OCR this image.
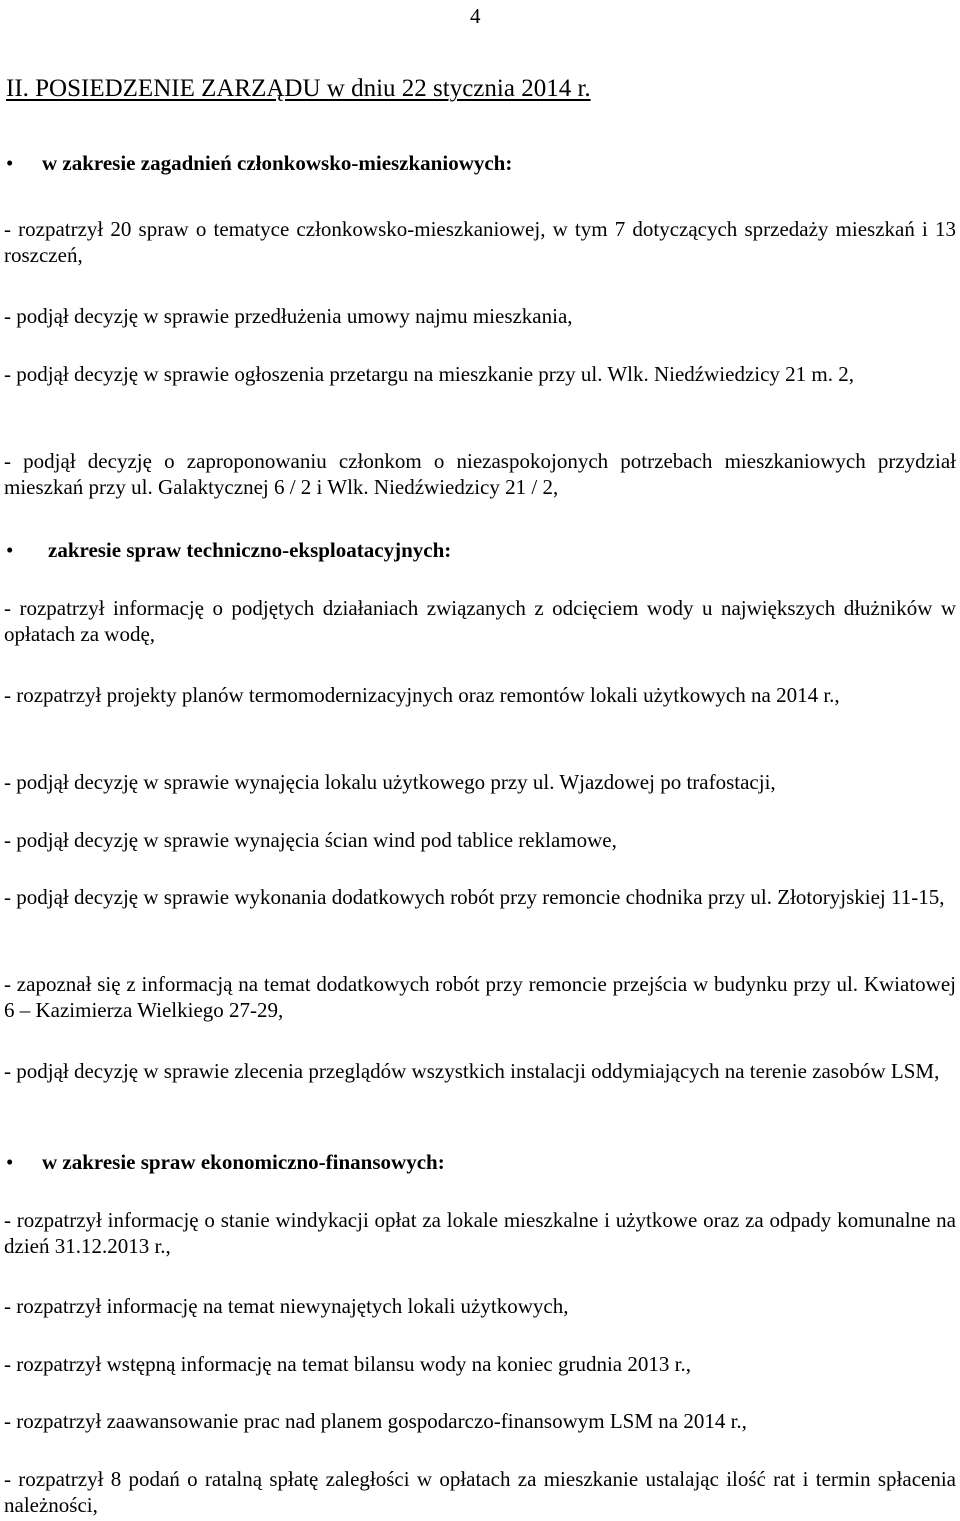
4
II. POSIEDZENIE ZARZĄDU w dniu 22 stycznia 2014 r.
• w zakresie zagadnień członkowsko-mieszkaniowych:
- rozpatrzył 20 spraw o tematyce członkowsko-mieszkaniowej, w tym 7 dotyczących sprzedaży mieszkań i 13 roszczeń,
- podjął decyzję w sprawie przedłużenia umowy najmu mieszkania,
- podjął decyzję w sprawie ogłoszenia przetargu na mieszkanie przy ul. Wlk. Niedźwiedzicy 21 m. 2,
- podjął decyzję o zaproponowaniu członkom o niezaspokojonych potrzebach mieszkaniowych przydział mieszkań przy ul. Galaktycznej 6 / 2 i Wlk. Niedźwiedzicy 21 / 2,
• zakresie spraw techniczno-eksploatacyjnych:
- rozpatrzył informację o podjętych działaniach związanych z odcięciem wody u największych dłużników w opłatach za wodę,
- rozpatrzył projekty planów termomodernizacyjnych oraz remontów lokali użytkowych na 2014 r.,
- podjął decyzję w sprawie wynajęcia lokalu użytkowego przy ul. Wjazdowej po trafostacji,
- podjął decyzję w sprawie wynajęcia ścian wind pod tablice reklamowe,
- podjął decyzję w sprawie wykonania dodatkowych robót przy remoncie chodnika przy ul. Złotoryjskiej 11-15,
- zapoznał się z informacją na temat dodatkowych robót przy remoncie przejścia w budynku przy ul. Kwiatowej 6 – Kazimierza Wielkiego 27-29,
- podjął decyzję w sprawie zlecenia przeglądów wszystkich instalacji oddymiających na terenie zasobów LSM,
• w zakresie spraw ekonomiczno-finansowych:
- rozpatrzył informację o stanie windykacji opłat za lokale mieszkalne i użytkowe oraz za odpady komunalne na dzień 31.12.2013 r.,
- rozpatrzył informację na temat niewynajętych lokali użytkowych,
- rozpatrzył wstępną informację na temat bilansu wody na koniec grudnia 2013 r.,
- rozpatrzył zaawansowanie prac nad planem gospodarczo-finansowym LSM na 2014 r.,
- rozpatrzył 8 podań o ratalną spłatę zaległości w opłatach za mieszkanie ustalając ilość rat i termin spłacenia należności,
